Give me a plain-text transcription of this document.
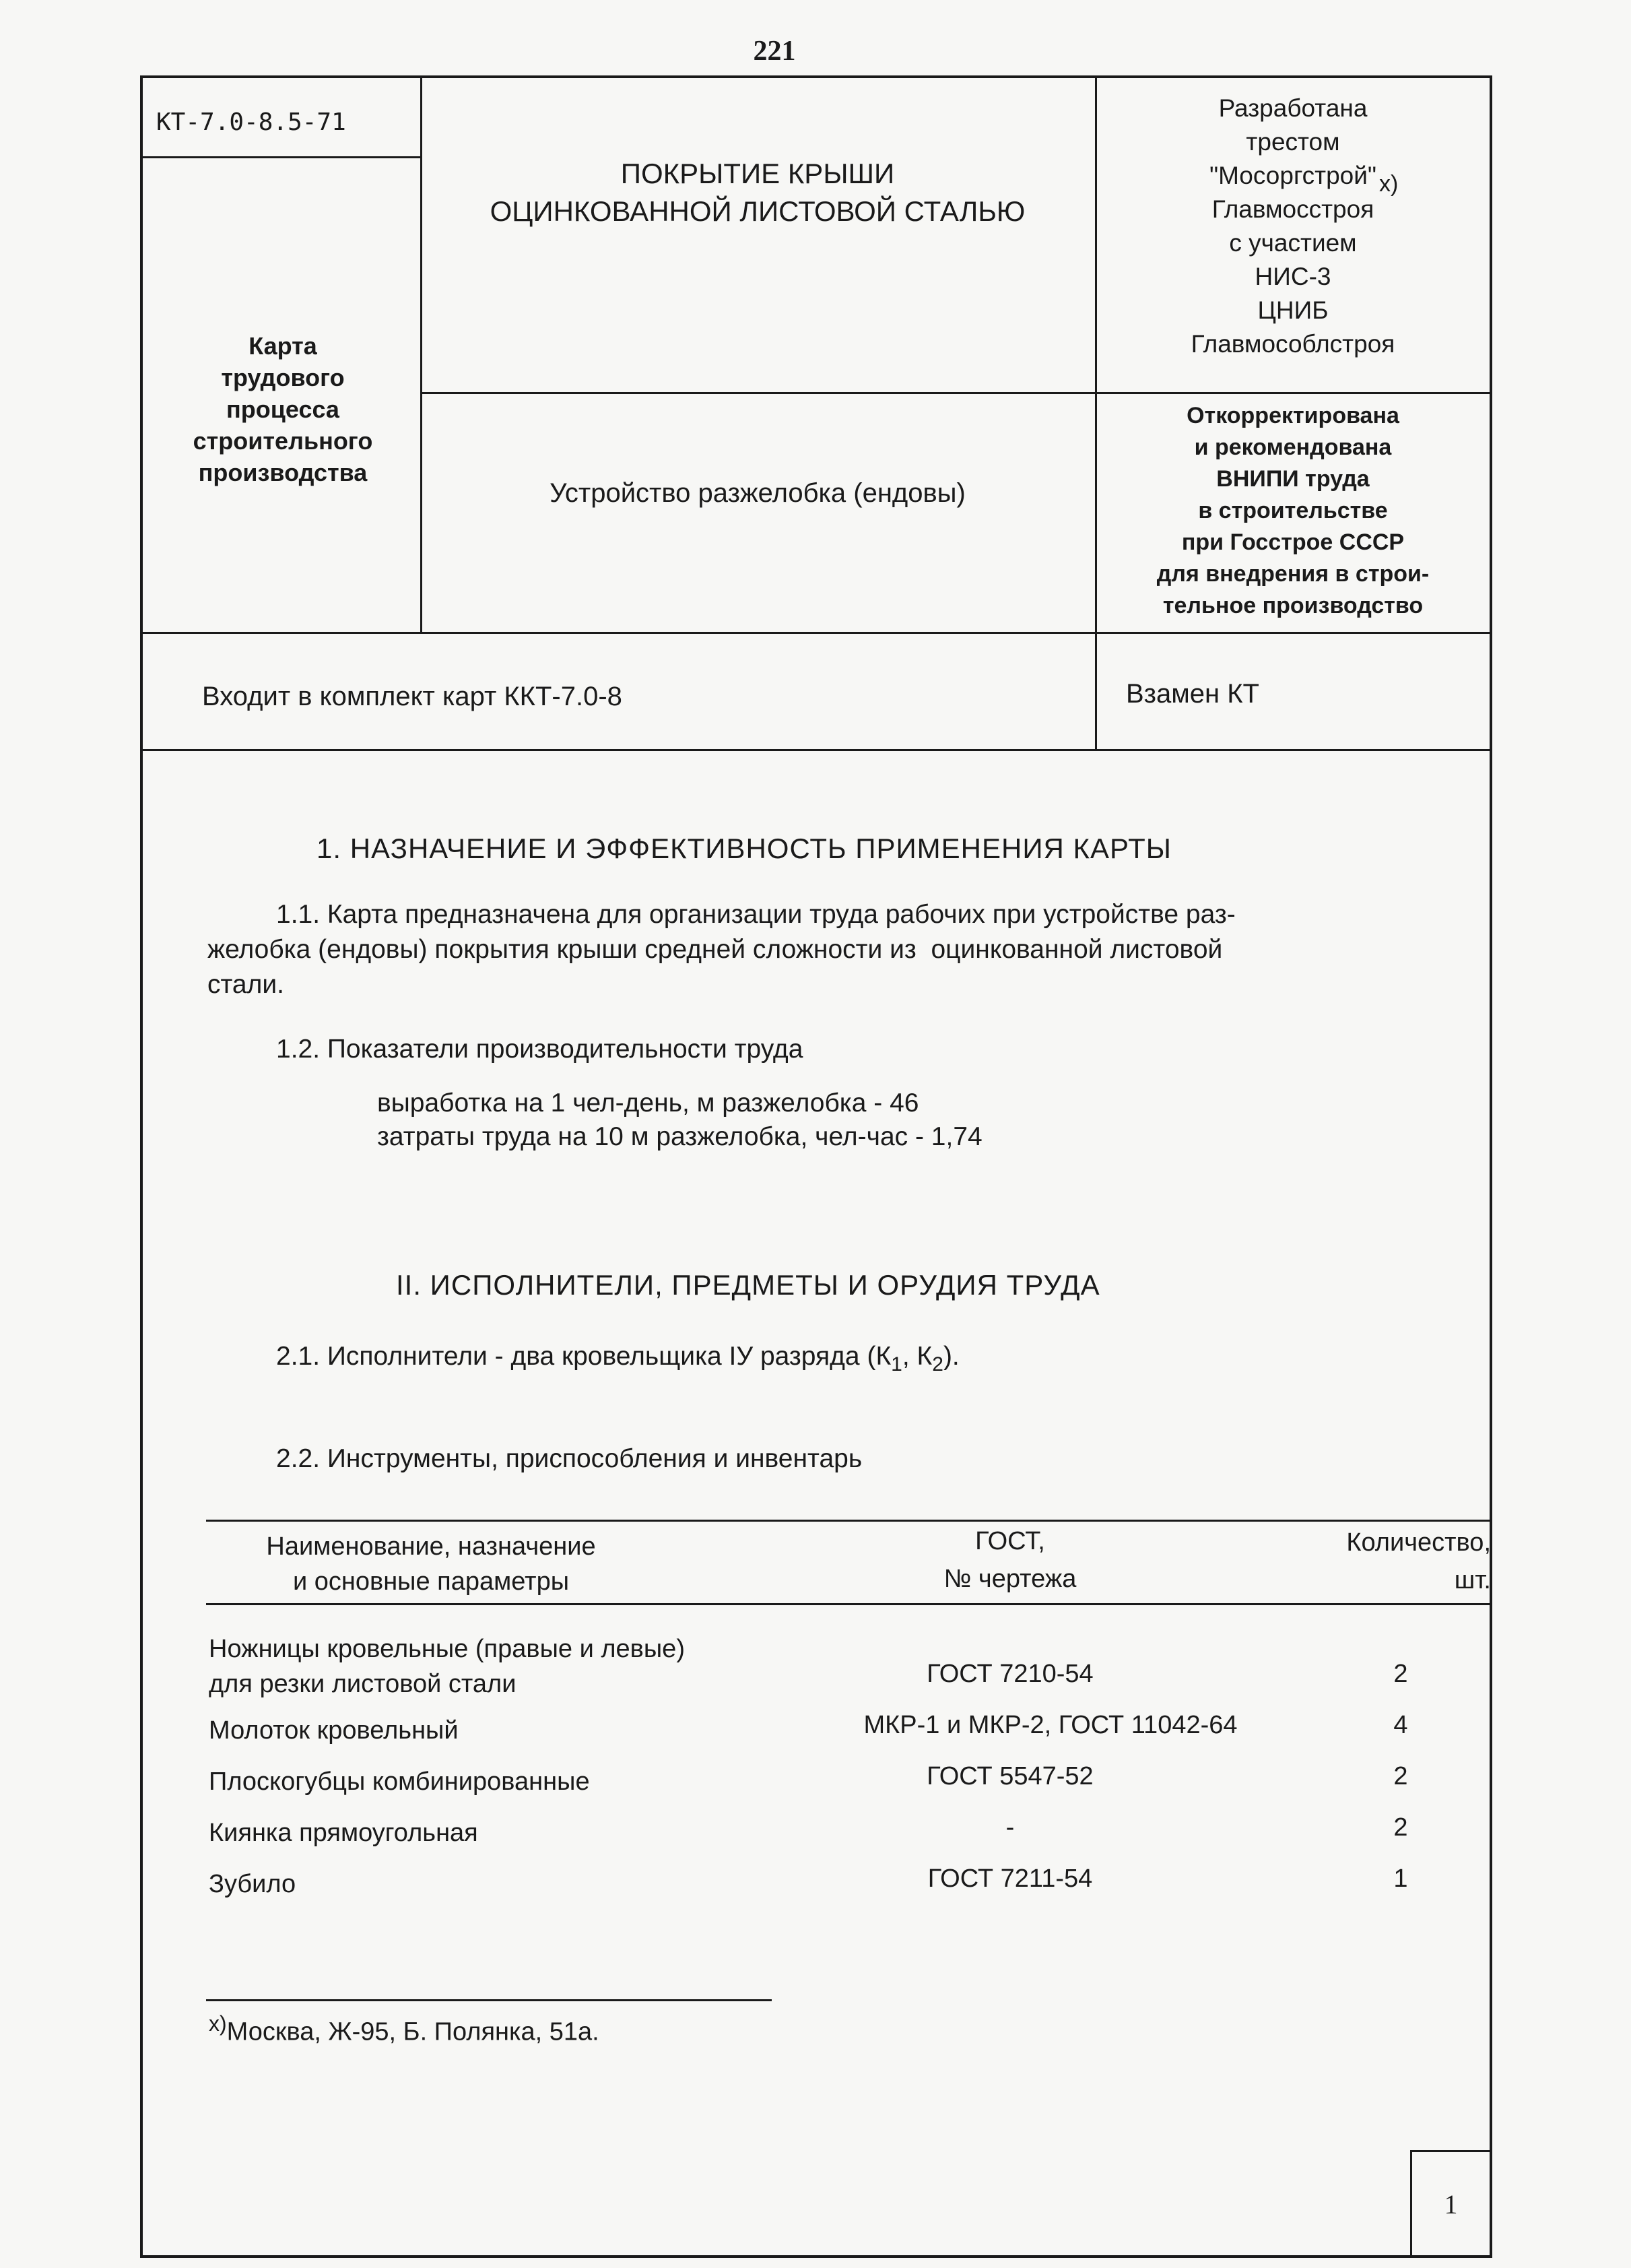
221
КТ-7.0-8.5-71
Карта
трудового
процесса
строительного
производства
ПОКРЫТИЕ КРЫШИ
ОЦИНКОВАННОЙ ЛИСТОВОЙ СТАЛЬЮ
Устройство разжелобка (ендовы)
Разработана
трестом
"Мосоргстрой"
Главмосстроя
с участием
НИС-3
ЦНИБ
Главмособлстроя
x)
Откорректирована
и рекомендована
ВНИПИ труда
в строительстве
при Госстрое СССР
для внедрения в строи-
тельное производство
Входит в комплект карт ККТ-7.0-8	Взамен КТ
1. НАЗНАЧЕНИЕ И ЭФФЕКТИВНОСТЬ ПРИМЕНЕНИЯ КАРТЫ
1.1. Карта предназначена для организации труда рабочих при устройстве раз-
желобка (ендовы) покрытия крыши средней сложности из  оцинкованной листовой
стали.
1.2. Показатели производительности труда
выработка на 1 чел-день, м разжелобка - 46
затраты труда на 10 м разжелобка, чел-час - 1,74
II. ИСПОЛНИТЕЛИ, ПРЕДМЕТЫ И ОРУДИЯ ТРУДА
2.1. Исполнители - два кровельщика IУ разряда ($К_1$, $К_2$).
2.2. Инструменты, приспособления и инвентарь
Наименование, назначение
и основные параметры
ГОСТ,
№ чертежа
Количество,
шт.
Ножницы кровельные (правые и левые)
для резки листовой стали	ГОСТ 7210-54	2
Молоток кровельный	МКР-1 и МКР-2, ГОСТ 11042-64	4
Плоскогубцы комбинированные	ГОСТ 5547-52	2
Киянка прямоугольная	-	2
Зубило	ГОСТ 7211-54	1
$^{x)}$Москва, Ж-95, Б. Полянка, 51а.
1
